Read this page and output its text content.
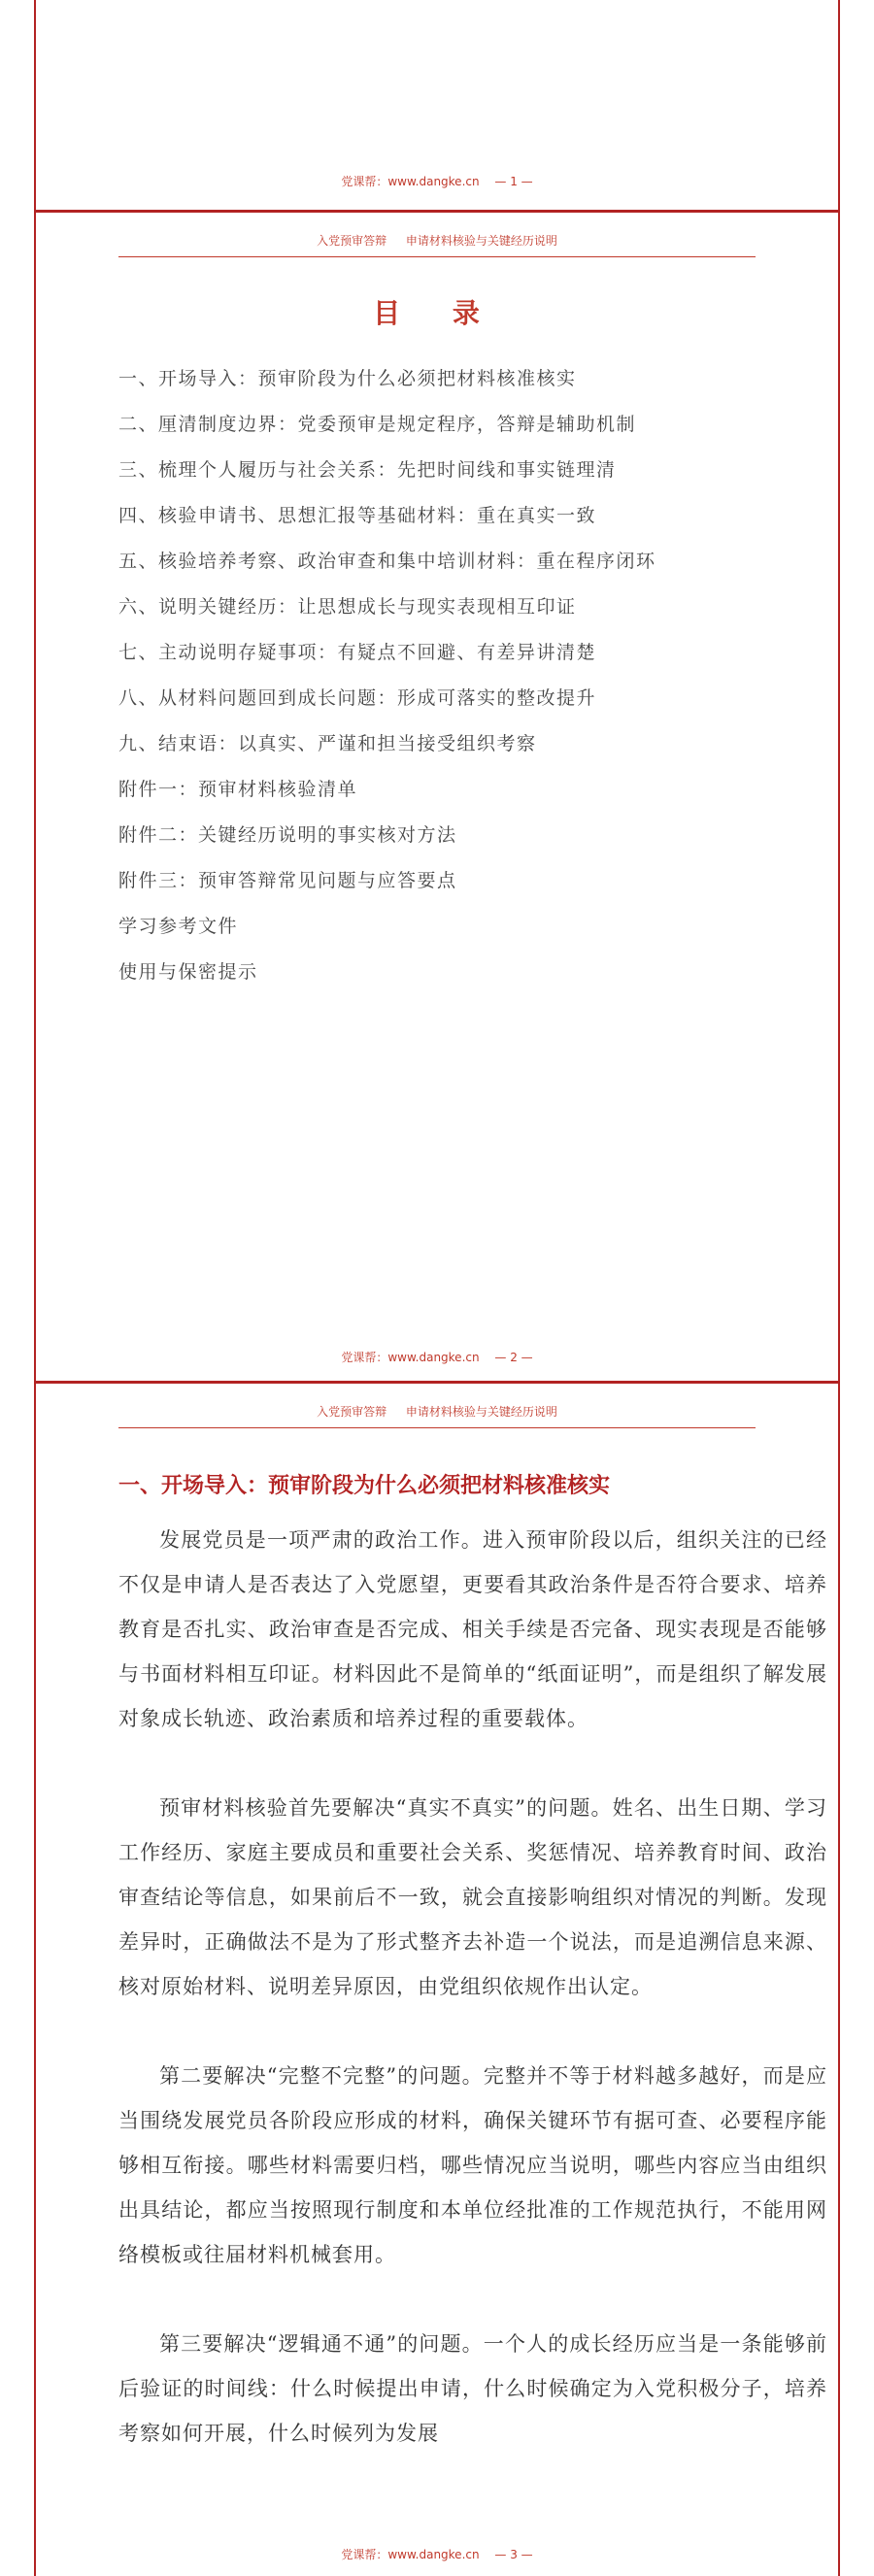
党课帮：www.dangke.cn — 1 —
入党预审答辩 申请材料核验与关键经历说明
目 录
一、开场导入：预审阶段为什么必须把材料核准核实
二、厘清制度边界：党委预审是规定程序，答辩是辅助机制
三、梳理个人履历与社会关系：先把时间线和事实链理清
四、核验申请书、思想汇报等基础材料：重在真实一致
五、核验培养考察、政治审查和集中培训材料：重在程序闭环
六、说明关键经历：让思想成长与现实表现相互印证
七、主动说明存疑事项：有疑点不回避、有差异讲清楚
八、从材料问题回到成长问题：形成可落实的整改提升
九、结束语：以真实、严谨和担当接受组织考察
附件一：预审材料核验清单
附件二：关键经历说明的事实核对方法
附件三：预审答辩常见问题与应答要点
学习参考文件
使用与保密提示
党课帮：www.dangke.cn — 2 —
入党预审答辩 申请材料核验与关键经历说明
一、开场导入：预审阶段为什么必须把材料核准核实

发展党员是一项严肃的政治工作。进入预审阶段以后，组织关注的已经不仅是申请人是否表达了入党愿望，更要看其政治条件是否符合要求、培养教育是否扎实、政治审查是否完成、相关手续是否完备、现实表现是否能够与书面材料相互印证。材料因此不是简单的“纸面证明”，而是组织了解发展对象成长轨迹、政治素质和培养过程的重要载体。

预审材料核验首先要解决“真实不真实”的问题。姓名、出生日期、学习工作经历、家庭主要成员和重要社会关系、奖惩情况、培养教育时间、政治审查结论等信息，如果前后不一致，就会直接影响组织对情况的判断。发现差异时，正确做法不是为了形式整齐去补造一个说法，而是追溯信息来源、核对原始材料、说明差异原因，由党组织依规作出认定。

第二要解决“完整不完整”的问题。完整并不等于材料越多越好，而是应当围绕发展党员各阶段应形成的材料，确保关键环节有据可查、必要程序能够相互衔接。哪些材料需要归档，哪些情况应当说明，哪些内容应当由组织出具结论，都应当按照现行制度和本单位经批准的工作规范执行，不能用网络模板或往届材料机械套用。

第三要解决“逻辑通不通”的问题。一个人的成长经历应当是一条能够前后验证的时间线：什么时候提出申请，什么时候确定为入党积极分子，培养考察如何开展，什么时候列为发展

党课帮：www.dangke.cn — 3 —
